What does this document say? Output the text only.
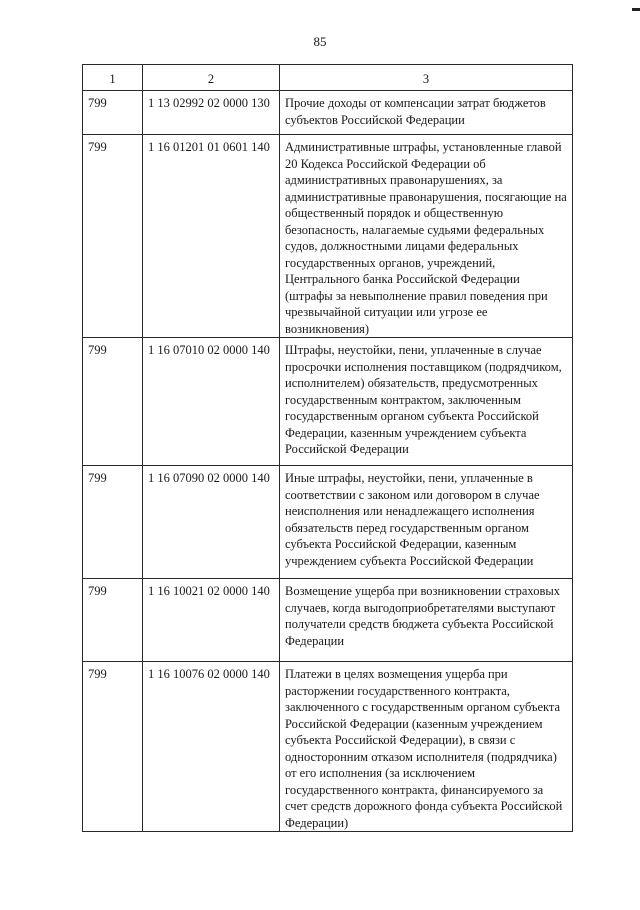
85
1	2	3
799	1 13 02992 02 0000 130	Прочие доходы от компенсации затрат бюджетов субъектов Российской Федерации
799	1 16 01201 01 0601 140	Административные штрафы, установленные главой 20 Кодекса Российской Федерации об административных правонарушениях, за административные правонарушения, посягающие на общественный порядок и общественную безопасность, налагаемые судьями федеральных судов, должностными лицами федеральных государственных органов, учреждений, Центрального банка Российской Федерации (штрафы за невыполнение правил поведения при чрезвычайной ситуации или угрозе ее возникновения)
799	1 16 07010 02 0000 140	Штрафы, неустойки, пени, уплаченные в случае просрочки исполнения поставщиком (подрядчиком, исполнителем) обязательств, предусмотренных государственным контрактом, заключенным государственным органом субъекта Российской Федерации, казенным учреждением субъекта Российской Федерации
799	1 16 07090 02 0000 140	Иные штрафы, неустойки, пени, уплаченные в соответствии с законом или договором в случае неисполнения или ненадлежащего исполнения обязательств перед государственным органом субъекта Российской Федерации, казенным учреждением субъекта Российской Федерации
799	1 16 10021 02 0000 140	Возмещение ущерба при возникновении страховых случаев, когда выгодоприобретателями выступают получатели средств бюджета субъекта Российской Федерации
799	1 16 10076 02 0000 140	Платежи в целях возмещения ущерба при расторжении государственного контракта, заключенного с государственным органом субъекта Российской Федерации (казенным учреждением субъекта Российской Федерации), в связи с односторонним отказом исполнителя (подрядчика) от его исполнения (за исключением государственного контракта, финансируемого за счет средств дорожного фонда субъекта Российской Федерации)
